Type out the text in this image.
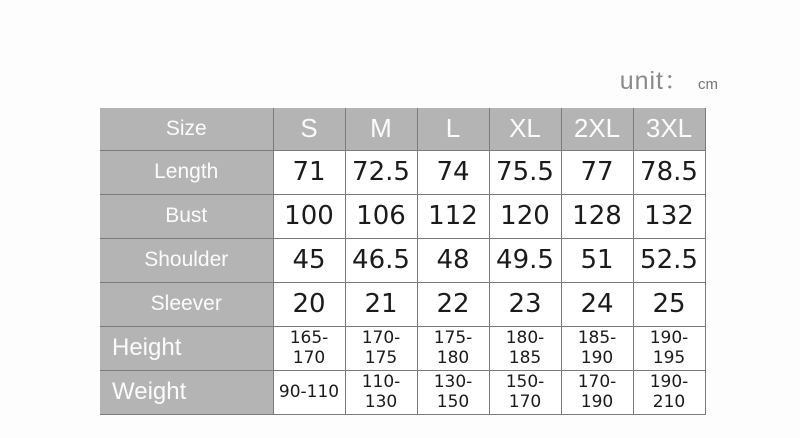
unit： cm
Size	S	M	L	XL	2XL	3XL
Length	71	72.5	74	75.5	77	78.5
Bust	100	106	112	120	128	132
Shoulder	45	46.5	48	49.5	51	52.5
Sleever	20	21	22	23	24	25
Height	165-170	170-175	175-180	180-185	185-190	190-195
Weight	90-110	110-130	130-150	150-170	170-190	190-210
